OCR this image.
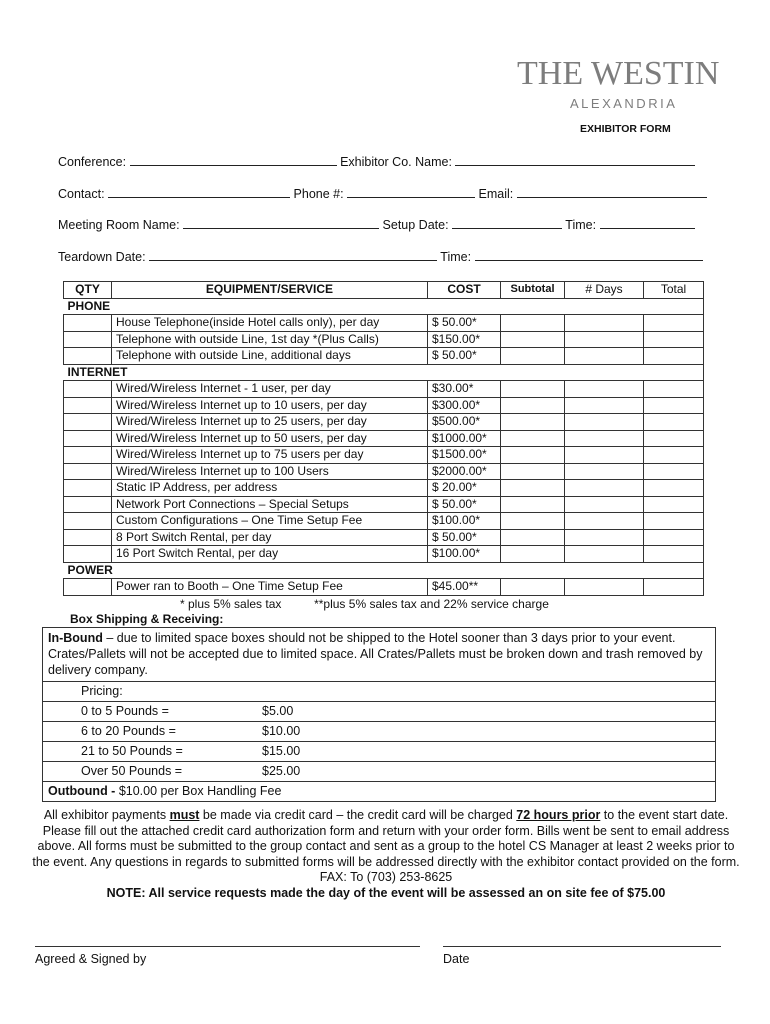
THE WESTIN
ALEXANDRIA
EXHIBITOR FORM
Conference:	Exhibitor Co. Name:
Contact:	Phone #:	Email:
Meeting Room Name:	Setup Date:	Time:
Teardown Date:	Time:
QTY	EQUIPMENT/SERVICE	COST	Subtotal	# Days	Total
PHONE					
	House Telephone(inside Hotel calls only), per day	$ 50.00*			
	Telephone with outside Line, 1st day *(Plus Calls)	$150.00*			
	Telephone with outside Line, additional days	$ 50.00*			
INTERNET					
	Wired/Wireless Internet - 1 user, per day	$30.00*			
	Wired/Wireless Internet up to 10 users, per day	$300.00*			
	Wired/Wireless Internet up to 25 users, per day	$500.00*			
	Wired/Wireless Internet up to 50 users, per day	$1000.00*			
	Wired/Wireless Internet up to 75 users per day	$1500.00*			
	Wired/Wireless Internet up to 100 Users	$2000.00*			
	Static IP Address, per address	$ 20.00*			
	Network Port Connections – Special Setups	$ 50.00*			
	Custom Configurations – One Time Setup Fee	$100.00*			
	8 Port Switch Rental, per day	$ 50.00*			
	16 Port Switch Rental, per day	$100.00*			
POWER					
	Power ran to Booth – One Time Setup Fee	$45.00**			
* plus 5% sales tax	**plus 5% sales tax and 22% service charge
Box Shipping & Receiving:
In-Bound – due to limited space boxes should not be shipped to the Hotel sooner than 3 days prior to your event. Crates/Pallets will not be accepted due to limited space. All Crates/Pallets must be broken down and trash removed by delivery company.
Pricing:
0 to 5 Pounds =	$5.00
6 to 20 Pounds =	$10.00
21 to 50 Pounds =	$15.00
Over 50 Pounds =	$25.00
Outbound - $10.00 per Box Handling Fee
All exhibitor payments must be made via credit card – the credit card will be charged 72 hours prior to the event start date. Please fill out the attached credit card authorization form and return with your order form. Bills went be sent to email address above. All forms must be submitted to the group contact and sent as a group to the hotel CS Manager at least 2 weeks prior to the event. Any questions in regards to submitted forms will be addressed directly with the exhibitor contact provided on the form. FAX: To (703) 253-8625
NOTE: All service requests made the day of the event will be assessed an on site fee of $75.00
Agreed & Signed by	Date
